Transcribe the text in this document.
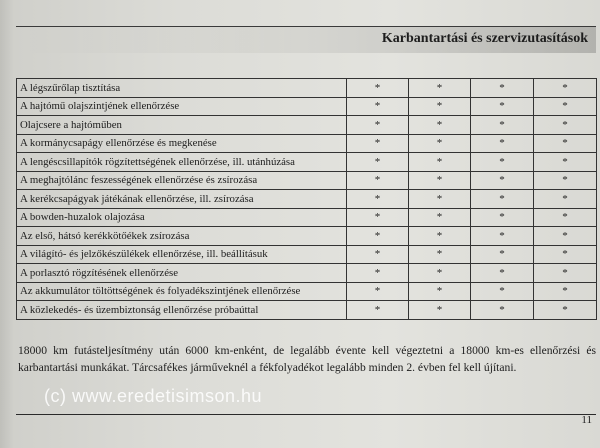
Karbantartási és szervizutasítások
A légszűrőlap tisztítása	*	*	*	*
A hajtómű olajszintjének ellenőrzése	*	*	*	*
Olajcsere a hajtóműben	*	*	*	*
A kormánycsapágy ellenőrzése és megkenése	*	*	*	*
A lengéscsillapítók rögzítettségének ellenőrzése, ill. utánhúzása	*	*	*	*
A meghajtólánc feszességének ellenőrzése és zsírozása	*	*	*	*
A kerékcsapágyak játékának ellenőrzése, ill. zsírozása	*	*	*	*
A bowden-huzalok olajozása	*	*	*	*
Az első, hátsó kerékkötőékek zsírozása	*	*	*	*
A világító- és jelzőkészülékek ellenőrzése, ill. beállításuk	*	*	*	*
A porlasztó rögzítésének ellenőrzése	*	*	*	*
Az akkumulátor töltöttségének és folyadékszintjének ellenőrzése	*	*	*	*
A közlekedés- és üzembiztonság ellenőrzése próbaúttal	*	*	*	*
18000 km futásteljesítmény után 6000 km-enként, de legalább évente kell végeztetni a 18000 km-es ellenőrzési és karbantartási munkákat. Tárcsafékes járműveknél a fékfolyadékot legalább minden 2. évben fel kell újítani.
(c) www.eredetisimson.hu
11
